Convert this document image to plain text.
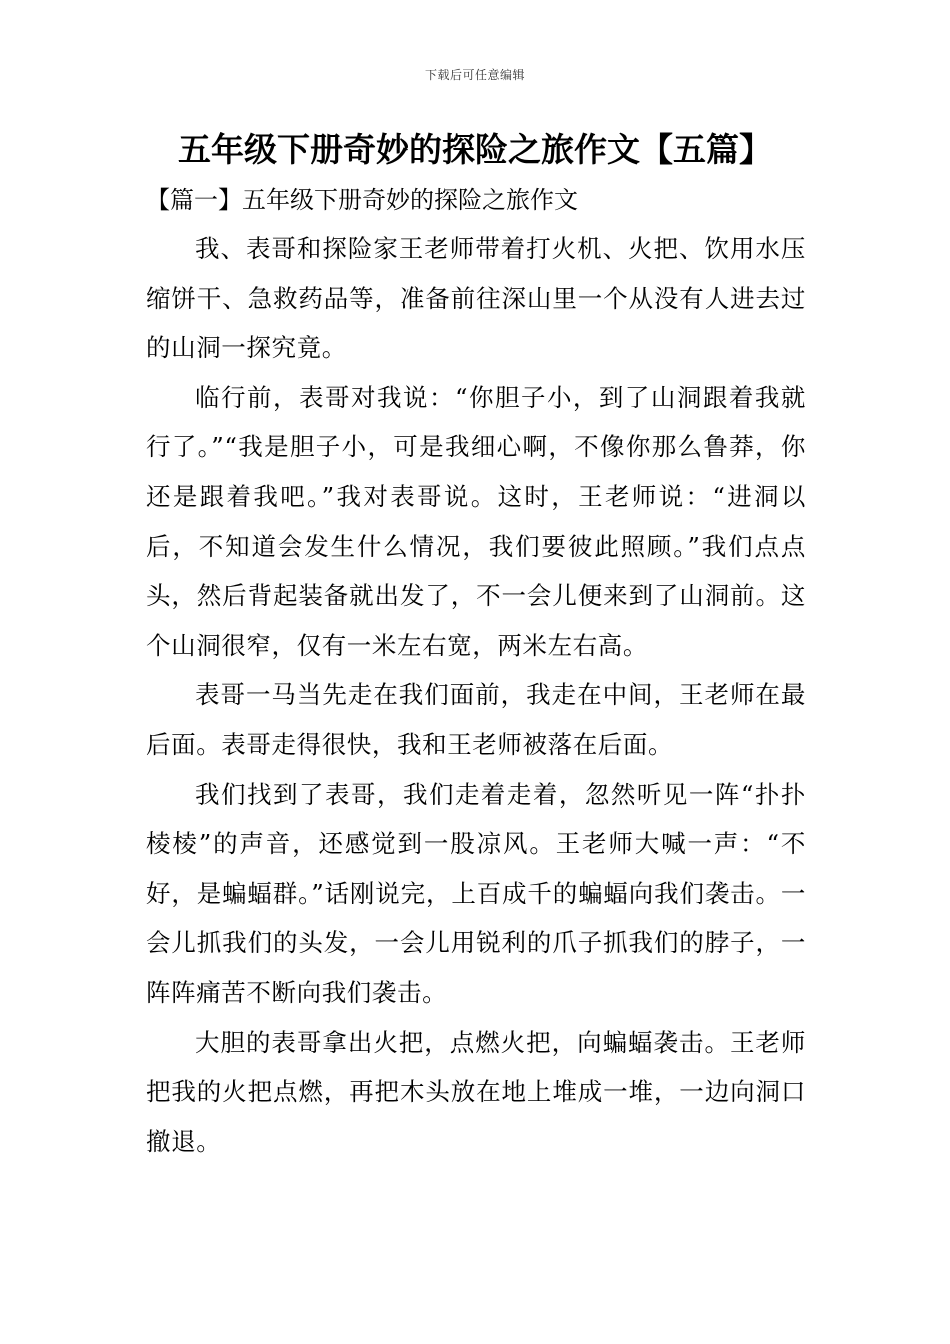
下载后可任意编辑
五年级下册奇妙的探险之旅作文【五篇】
【篇一】五年级下册奇妙的探险之旅作文

我、表哥和探险家王老师带着打火机、火把、饮用水压缩饼干、急救药品等，准备前往深山里一个从没有人进去过的山洞一探究竟。

临行前，表哥对我说：“你胆子小，到了山洞跟着我就行了。”“我是胆子小，可是我细心啊，不像你那么鲁莽，你还是跟着我吧。”我对表哥说。这时，王老师说：“进洞以后，不知道会发生什么情况，我们要彼此照顾。”我们点点头，然后背起装备就出发了，不一会儿便来到了山洞前。这个山洞很窄，仅有一米左右宽，两米左右高。

表哥一马当先走在我们面前，我走在中间，王老师在最后面。表哥走得很快，我和王老师被落在后面。

我们找到了表哥，我们走着走着，忽然听见一阵“扑扑棱棱”的声音，还感觉到一股凉风。王老师大喊一声：“不好，是蝙蝠群。”话刚说完，上百成千的蝙蝠向我们袭击。一会儿抓我们的头发，一会儿用锐利的爪子抓我们的脖子，一阵阵痛苦不断向我们袭击。

大胆的表哥拿出火把，点燃火把，向蝙蝠袭击。王老师把我的火把点燃，再把木头放在地上堆成一堆，一边向洞口撤退。
